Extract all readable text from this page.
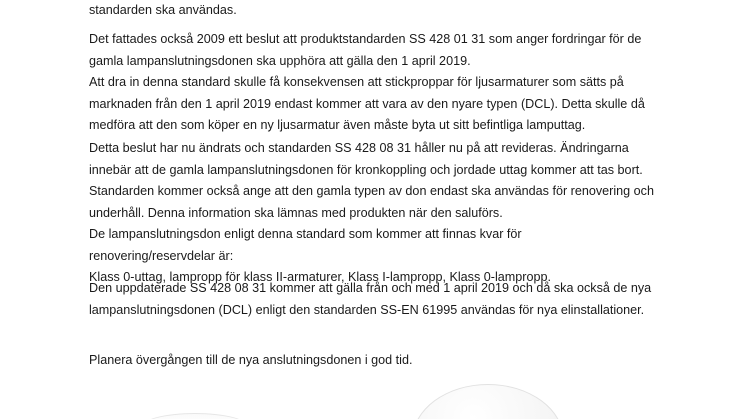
standarden ska användas.

Det fattades också 2009 ett beslut att produktstandarden SS 428 01 31 som anger fordringar för de
gamla lampanslutningsdonen ska upphöra att gälla den 1 april 2019.

Att dra in denna standard skulle få konsekvensen att stickproppar för ljusarmaturer som sätts på
marknaden från den 1 april 2019 endast kommer att vara av den nyare typen (DCL). Detta skulle då
medföra att den som köper en ny ljusarmatur även måste byta ut sitt befintliga lamputtag.

Detta beslut har nu ändrats och standarden SS 428 08 31 håller nu på att revideras. Ändringarna
innebär att de gamla lampanslutningsdonen för kronkoppling och jordade uttag kommer att tas bort.
Standarden kommer också ange att den gamla typen av don endast ska användas för renovering och
underhåll. Denna information ska lämnas med produkten när den saluförs.
De lampanslutningsdon enligt denna standard som kommer att finnas kvar för
renovering/reservdelar är:
Klass 0-uttag, lampropp för klass II-armaturer, Klass I-lampropp, Klass 0-lampropp.

Den uppdaterade SS 428 08 31 kommer att gälla från och med 1 april 2019 och då ska också de nya
lampanslutningsdonen (DCL) enligt den standarden SS-EN 61995 användas för nya elinstallationer.

Planera övergången till de nya anslutningsdonen i god tid.
